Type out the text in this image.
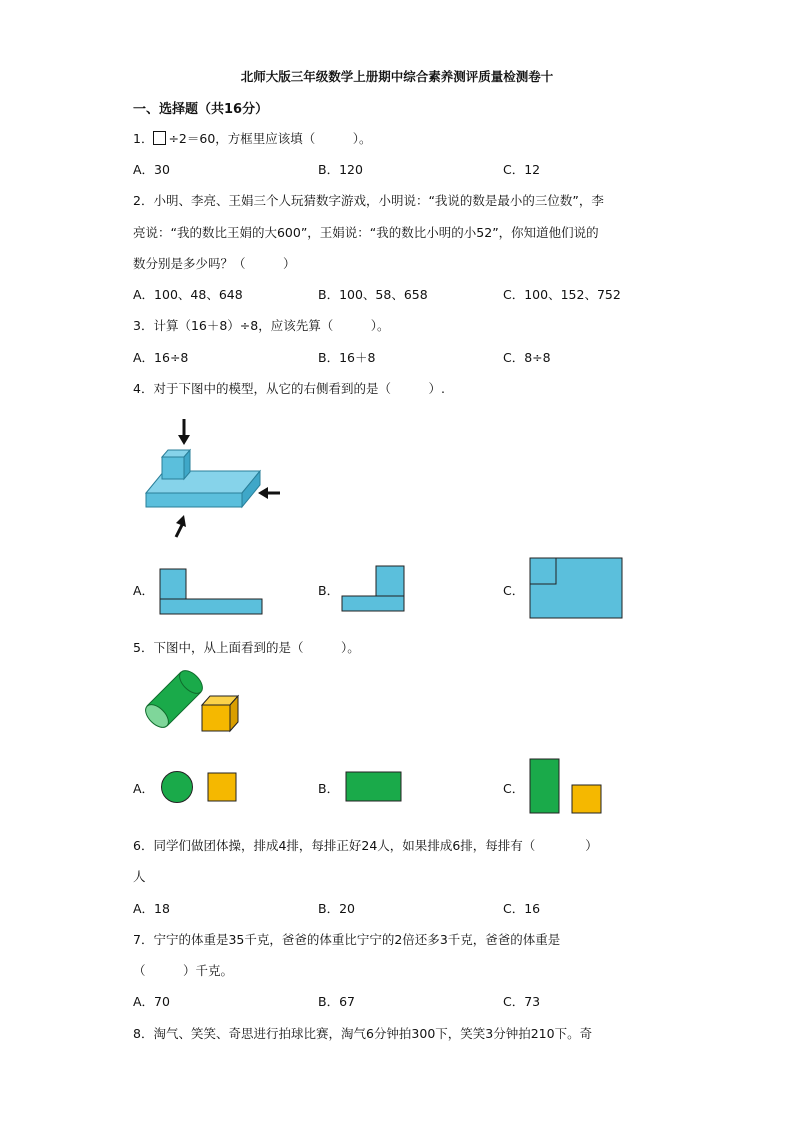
北师大版三年级数学上册期中综合素养测评质量检测卷十
一、选择题（共16分）
1． ÷2＝60，方框里应该填（　　　）。
A．30	B．120	C．12
2．小明、李亮、王娟三个人玩猜数字游戏，小明说：“我说的数是最小的三位数”，李
亮说：“我的数比王娟的大600”，王娟说：“我的数比小明的小52”，你知道他们说的
数分别是多少吗？（　　　）
A．100、48、648	B．100、58、658	C．100、152、752
3．计算（16＋8）÷8，应该先算（　　　）。
A．16÷8	B．16＋8	C．8÷8
4．对于下图中的模型，从它的右侧看到的是（　　　）.
A．	B．	C．
5．下图中，从上面看到的是（　　　）。
A．	B．	C．
6．同学们做团体操，排成4排，每排正好24人，如果排成6排，每排有（　　　　）
人
A．18	B．20	C．16
7．宁宁的体重是35千克，爸爸的体重比宁宁的2倍还多3千克，爸爸的体重是
（　　　）千克。
A．70	B．67	C．73
8．淘气、笑笑、奇思进行拍球比赛，淘气6分钟拍300下，笑笑3分钟拍210下。奇
